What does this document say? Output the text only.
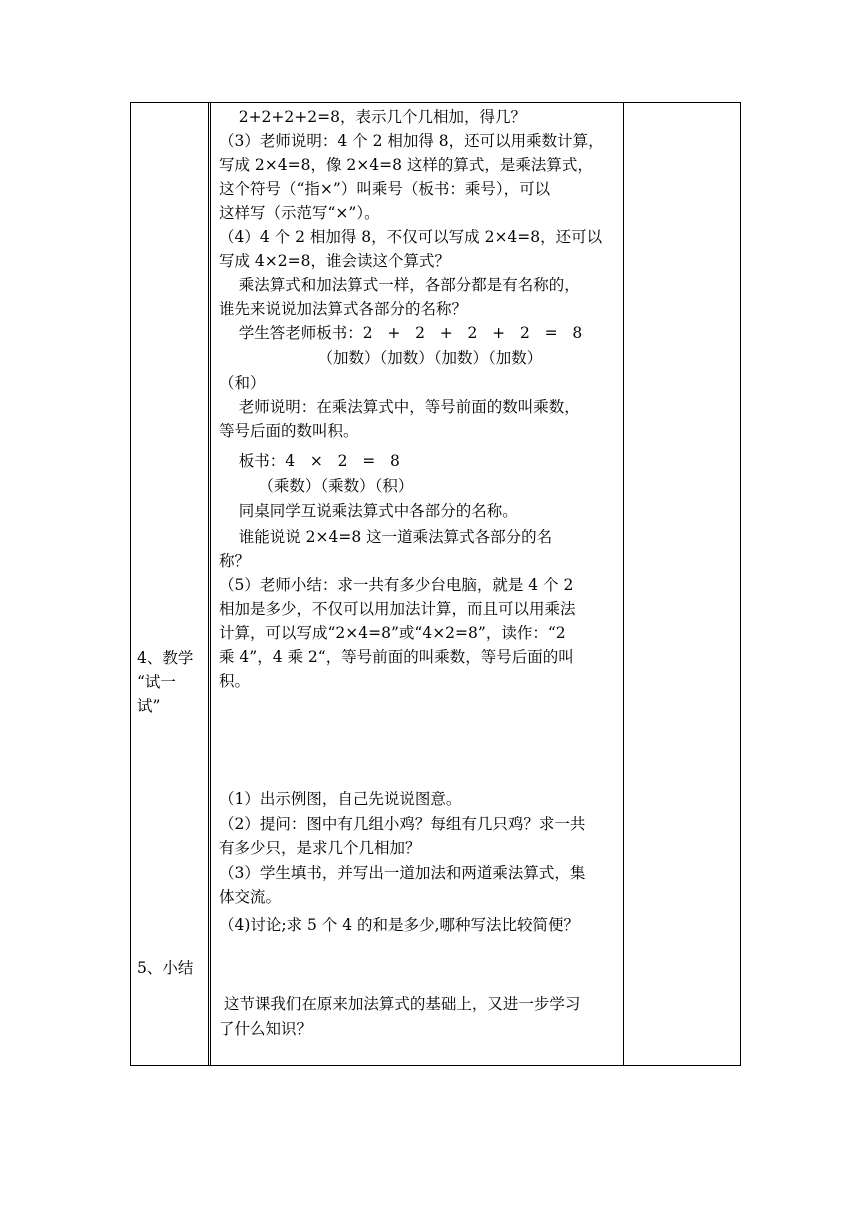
4、教学
“试一
试”
5、小结
2+2+2+2=8，表示几个几相加，得几？
（3）老师说明：4 个 2 相加得 8，还可以用乘数计算，
写成 2×4=8，像 2×4=8 这样的算式，是乘法算式，
这个符号（“指×”）叫乘号（板书：乘号），可以
这样写（示范写“×”）。
（4）4 个 2 相加得 8，不仅可以写成 2×4=8，还可以
写成 4×2=8，谁会读这个算式？
乘法算式和加法算式一样，各部分都是有名称的，
谁先来说说加法算式各部分的名称？
学生答老师板书：2   +   2   +   2   +   2   =   8
（加数）（加数）（加数）（加数）
（和）
老师说明：在乘法算式中，等号前面的数叫乘数，
等号后面的数叫积。
板书：4   ×   2   =   8
（乘数）（乘数）（积）
同桌同学互说乘法算式中各部分的名称。
谁能说说 2×4=8 这一道乘法算式各部分的名
称？
（5）老师小结：求一共有多少台电脑，就是 4 个 2
相加是多少，不仅可以用加法计算，而且可以用乘法
计算，可以写成“2×4=8”或“4×2=8”，读作：“2
乘 4”，4 乘 2“，等号前面的叫乘数，等号后面的叫
积。
（1）出示例图，自己先说说图意。
（2）提问：图中有几组小鸡？每组有几只鸡？求一共
有多少只，是求几个几相加？
（3）学生填书，并写出一道加法和两道乘法算式，集
体交流。
（4)讨论;求 5 个 4 的和是多少,哪种写法比较简便？
这节课我们在原来加法算式的基础上，又进一步学习
了什么知识？
